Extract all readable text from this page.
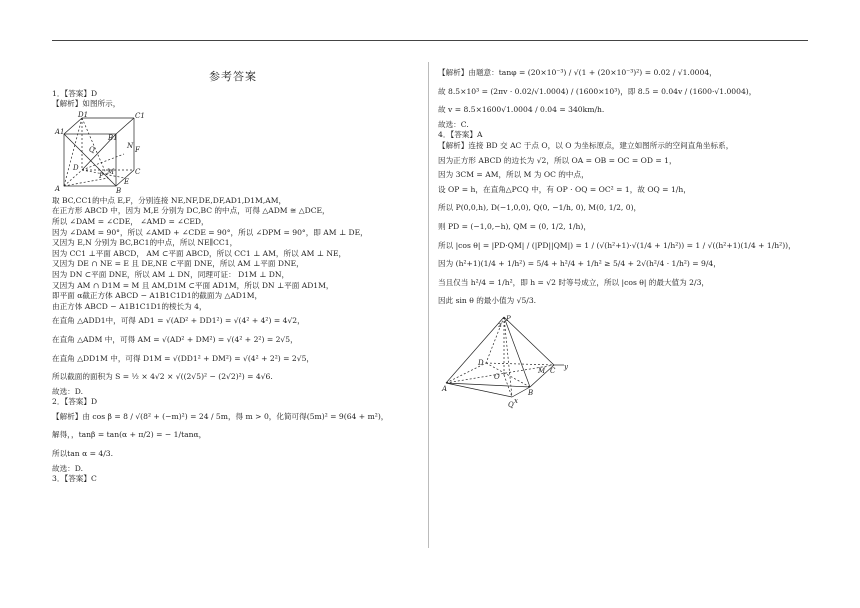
参考答案
1．【答案】D
【解析】如图所示，
D1	C1
A1
B1
D	C
A	B
Q	N F
E
P M
取 BC,CC1的中点 E,F，分别连接 NE,NF,DE,DF,AD1,D1M,AM，
在正方形 ABCD 中，因为 M,E 分别为 DC,BC 的中点，可得 △ADM ≅ △DCE，
所以 ∠DAM = ∠CDE， ∠AMD = ∠CED，
因为 ∠DAM = 90°，所以 ∠AMD + ∠CDE = 90°，所以 ∠DPM = 90°，即 AM ⊥ DE，
又因为 E,N 分别为 BC,BC1的中点，所以 NE∥CC1，
因为 CC1 ⊥平面 ABCD， AM ⊂平面 ABCD，所以 CC1 ⊥ AM，所以 AM ⊥ NE，
又因为 DE ∩ NE = E 且 DE,NE ⊂平面 DNE，所以 AM ⊥平面 DNE，
因为 DN ⊂平面 DNE，所以 AM ⊥ DN，同理可证： D1M ⊥ DN，
又因为 AM ∩ D1M = M 且 AM,D1M ⊂平面 AD1M，所以 DN ⊥平面 AD1M，
即平面 α截正方体 ABCD − A1B1C1D1的截面为 △AD1M，
由正方体 ABCD − A1B1C1D1的棱长为 4，
在直角 △ADD1中，可得 AD1 = √(AD² + DD1²) = √(4² + 4²) = 4√2，
在直角 △ADM 中，可得 AM = √(AD² + DM²) = √(4² + 2²) = 2√5，
在直角 △DD1M 中，可得 D1M = √(DD1² + DM²) = √(4² + 2²) = 2√5，
所以截面的面积为 S = ½ × 4√2 × √((2√5)² − (2√2)²) = 4√6.
故选：D.
2．【答案】D
【解析】由 cos β = 8 / √(8² + (−m)²) = 24 / 5m，得 m > 0，化简可得(5m)² = 9(64 + m²)，
解得，，tanβ = tan(α + π/2) = − 1/tanα，
所以tan α = 4/3.
故选：D.
3．【答案】C
【解析】由题意：tanφ = (20×10⁻³) / √(1 + (20×10⁻³)²) = 0.02 / √1.0004，
故 8.5×10³ = (2πv · 0.02/√1.0004) / (1600×10³)，即 8.5 = 0.04v / (1600·√1.0004)，
故 v = 8.5×1600√1.0004 / 0.04 = 340km/h.
故选：C.
4．【答案】A
【解析】连接 BD 交 AC 于点 O，以 O 为坐标原点，建立如图所示的空间直角坐标系，
因为正方形 ABCD 的边长为 √2，所以 OA = OB = OC = OD = 1，
因为 3CM = AM，所以 M 为 OC 的中点，
设 OP = h，在直角△PCQ 中，有 OP · OQ = OC² = 1，故 OQ = 1/h，
所以 P(0,0,h), D(−1,0,0), Q(0, −1/h, 0), M(0, 1/2, 0)，
则 PD = (−1,0,−h), QM = (0, 1/2, 1/h)，
所以 |cos θ| = |PD·QM| / (|PD||QM|) = 1 / (√(h²+1)·√(1/4 + 1/h²)) = 1 / √((h²+1)(1/4 + 1/h²))，
因为 (h²+1)(1/4 + 1/h²) = 5/4 + h²/4 + 1/h² ≥ 5/4 + 2√(h²/4 · 1/h²) = 9/4，
当且仅当 h²/4 = 1/h²，即 h = √2 时等号成立，所以 |cos θ| 的最大值为 2/3，
因此 sin θ 的最小值为 √5/3.
P
O
A	B
C
D
Q
M
x
y
z
